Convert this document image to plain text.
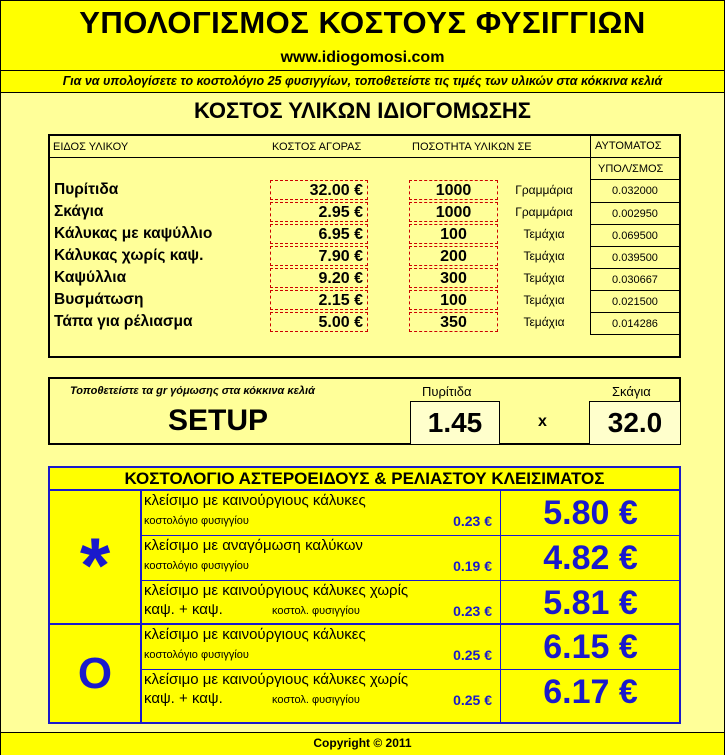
ΥΠΟΛΟΓΙΣΜΟΣ ΚΟΣΤΟΥΣ ΦΥΣΙΓΓΙΩΝ
www.idiogomosi.com
Για να υπολογίσετε το κοστολόγιο 25 φυσιγγίων, τοποθετείστε τις τιμές των υλικών στα κόκκινα κελιά
ΚΟΣΤΟΣ ΥΛΙΚΩΝ ΙΔΙΟΓΟΜΩΣΗΣ
ΕΙΔΟΣ ΥΛΙΚΟΥ	ΚΟΣΤΟΣ ΑΓΟΡΑΣ	ΠΟΣΟΤΗΤΑ ΥΛΙΚΩΝ ΣΕ	ΑΥΤΟΜΑΤΟΣ
ΥΠΟΛ/ΣΜΟΣ
Πυρίτιδα	32.00 €	1000	Γραμμάρια	0.032000
Σκάγια	2.95 €	1000	Γραμμάρια	0.002950
Κάλυκας με καψύλλιο	6.95 €	100	Τεμάχια	0.069500
Κάλυκας χωρίς καψ.	7.90 €	200	Τεμάχια	0.039500
Καψύλλια	9.20 €	300	Τεμάχια	0.030667
Βυσμάτωση	2.15 €	100	Τεμάχια	0.021500
Τάπα για ρέλιασμα	5.00 €	350	Τεμάχια	0.014286
Τοποθετείστε τα gr γόμωσης στα κόκκινα κελιά	Πυρίτιδα	Σκάγια
SETUP	1.45	x	32.0
ΚΟΣΤΟΛΟΓΙΟ ΑΣΤΕΡΟΕΙΔΟΥΣ & ΡΕΛΙΑΣΤΟΥ ΚΛΕΙΣΙΜΑΤΟΣ
*
O
κλείσιμο με καινούργιους κάλυκες
κοστολόγιο φυσιγγίου	0.23 €	5.80 €
κλείσιμο με αναγόμωση καλύκων
κοστολόγιο φυσιγγίου	0.19 €	4.82 €
κλείσιμο με καινούργιους κάλυκες χωρίς
καψ. + καψ.	κοστολ. φυσιγγίου	0.23 €	5.81 €
κλείσιμο με καινούργιους κάλυκες
κοστολόγιο φυσιγγίου	0.25 €	6.15 €
κλείσιμο με καινούργιους κάλυκες χωρίς
καψ. + καψ.	κοστολ. φυσιγγίου	0.25 €	6.17 €
Copyright © 2011
